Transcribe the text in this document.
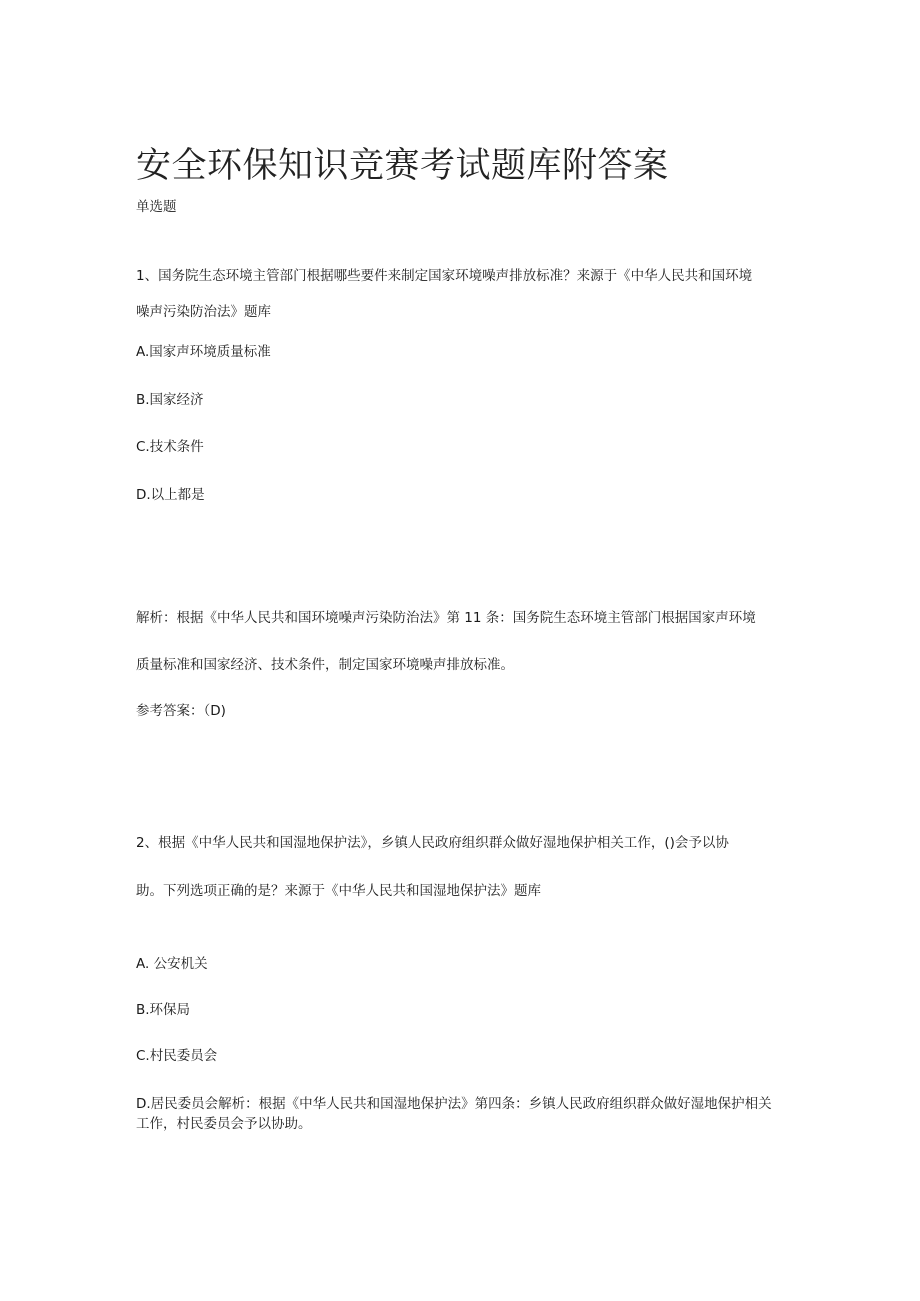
安全环保知识竞赛考试题库附答案
单选题
1、国务院生态环境主管部门根据哪些要件来制定国家环境噪声排放标准？来源于《中华人民共和国环境
噪声污染防治法》题库
A.国家声环境质量标准
B.国家经济
C.技术条件
D.以上都是
解析：根据《中华人民共和国环境噪声污染防治法》第 11 条：国务院生态环境主管部门根据国家声环境
质量标准和国家经济、技术条件，制定国家环境噪声排放标准。
参考答案：（D)
2、根据《中华人民共和国湿地保护法》，乡镇人民政府组织群众做好湿地保护相关工作，()会予以协
助。下列选项正确的是？来源于《中华人民共和国湿地保护法》题库
A. 公安机关
B.环保局
C.村民委员会
D.居民委员会解析：根据《中华人民共和国湿地保护法》第四条：乡镇人民政府组织群众做好湿地保护相关工作，村民委员会予以协助。
